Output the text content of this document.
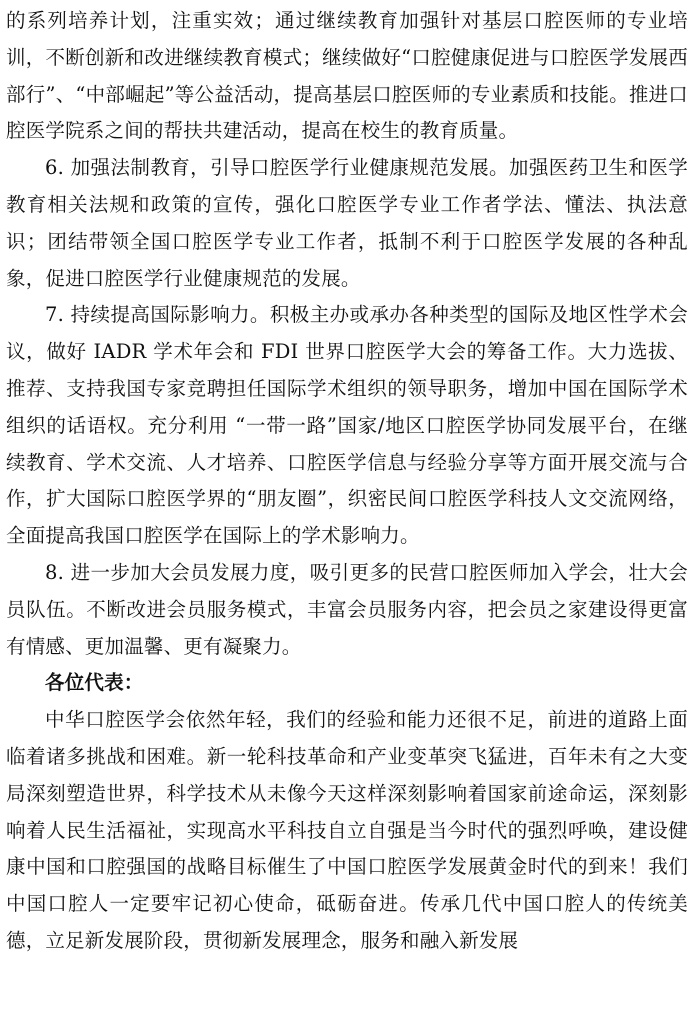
的系列培养计划，注重实效；通过继续教育加强针对基层口腔医师的专业培训，不断创新和改进继续教育模式；继续做好“口腔健康促进与口腔医学发展西部行”、“中部崛起”等公益活动，提高基层口腔医师的专业素质和技能。推进口腔医学院系之间的帮扶共建活动，提高在校生的教育质量。

6. 加强法制教育，引导口腔医学行业健康规范发展。加强医药卫生和医学教育相关法规和政策的宣传，强化口腔医学专业工作者学法、懂法、执法意识；团结带领全国口腔医学专业工作者，抵制不利于口腔医学发展的各种乱象，促进口腔医学行业健康规范的发展。

7. 持续提高国际影响力。积极主办或承办各种类型的国际及地区性学术会议，做好 IADR 学术年会和 FDI 世界口腔医学大会的筹备工作。大力选拔、推荐、支持我国专家竞聘担任国际学术组织的领导职务，增加中国在国际学术组织的话语权。充分利用 “一带一路”国家/地区口腔医学协同发展平台，在继续教育、学术交流、人才培养、口腔医学信息与经验分享等方面开展交流与合作，扩大国际口腔医学界的“朋友圈”，织密民间口腔医学科技人文交流网络，全面提高我国口腔医学在国际上的学术影响力。

8. 进一步加大会员发展力度，吸引更多的民营口腔医师加入学会，壮大会员队伍。不断改进会员服务模式，丰富会员服务内容，把会员之家建设得更富有情感、更加温馨、更有凝聚力。

各位代表：

中华口腔医学会依然年轻，我们的经验和能力还很不足，前进的道路上面临着诸多挑战和困难。新一轮科技革命和产业变革突飞猛进，百年未有之大变局深刻塑造世界，科学技术从未像今天这样深刻影响着国家前途命运，深刻影响着人民生活福祉，实现高水平科技自立自强是当今时代的强烈呼唤，建设健康中国和口腔强国的战略目标催生了中国口腔医学发展黄金时代的到来！我们中国口腔人一定要牢记初心使命，砥砺奋进。传承几代中国口腔人的传统美德，立足新发展阶段，贯彻新发展理念，服务和融入新发展
